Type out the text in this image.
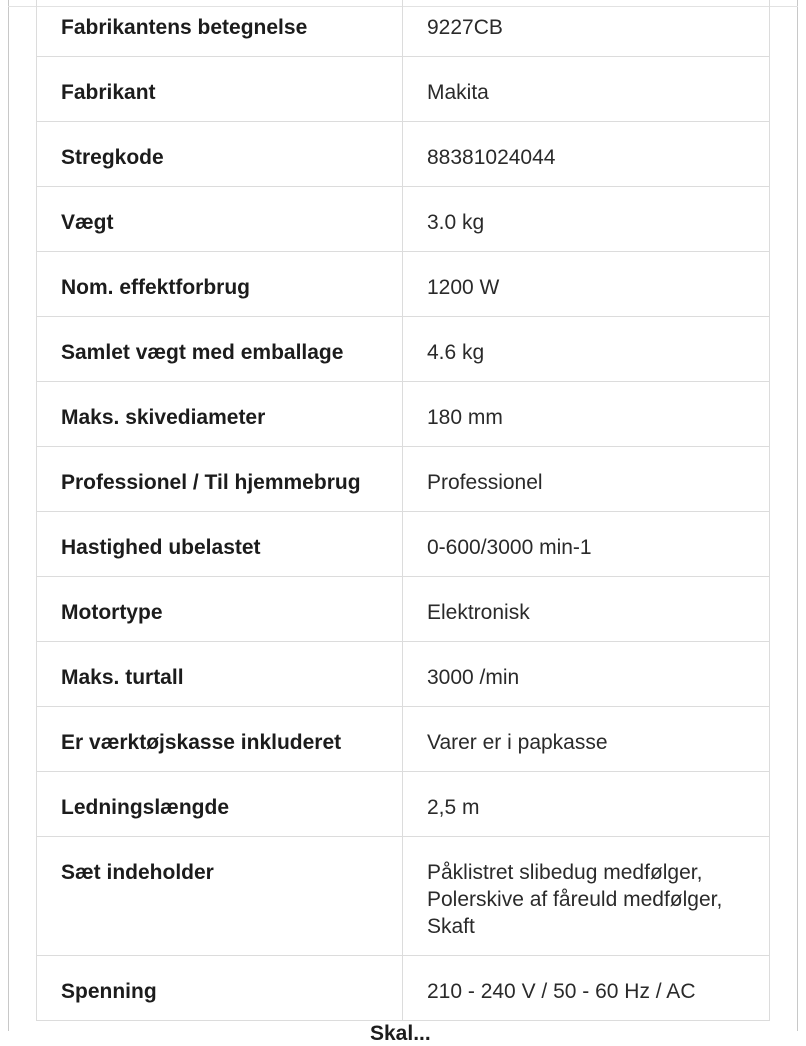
Fabrikantens betegnelse	9227CB
Fabrikant	Makita
Stregkode	88381024044
Vægt	3.0 kg
Nom. effektforbrug	1200 W
Samlet vægt med emballage	4.6 kg
Maks. skivediameter	180 mm
Professionel / Til hjemmebrug	Professionel
Hastighed ubelastet	0-600/3000 min-1
Motortype	Elektronisk
Maks. turtall	3000 /min
Er værktøjskasse inkluderet	Varer er i papkasse
Ledningslængde	2,5 m
Sæt indeholder	Påklistret slibedug medfølger, Polerskive af fåreuld medfølger, Skaft
Spenning	210 - 240 V / 50 - 60 Hz / AC
Skal...
